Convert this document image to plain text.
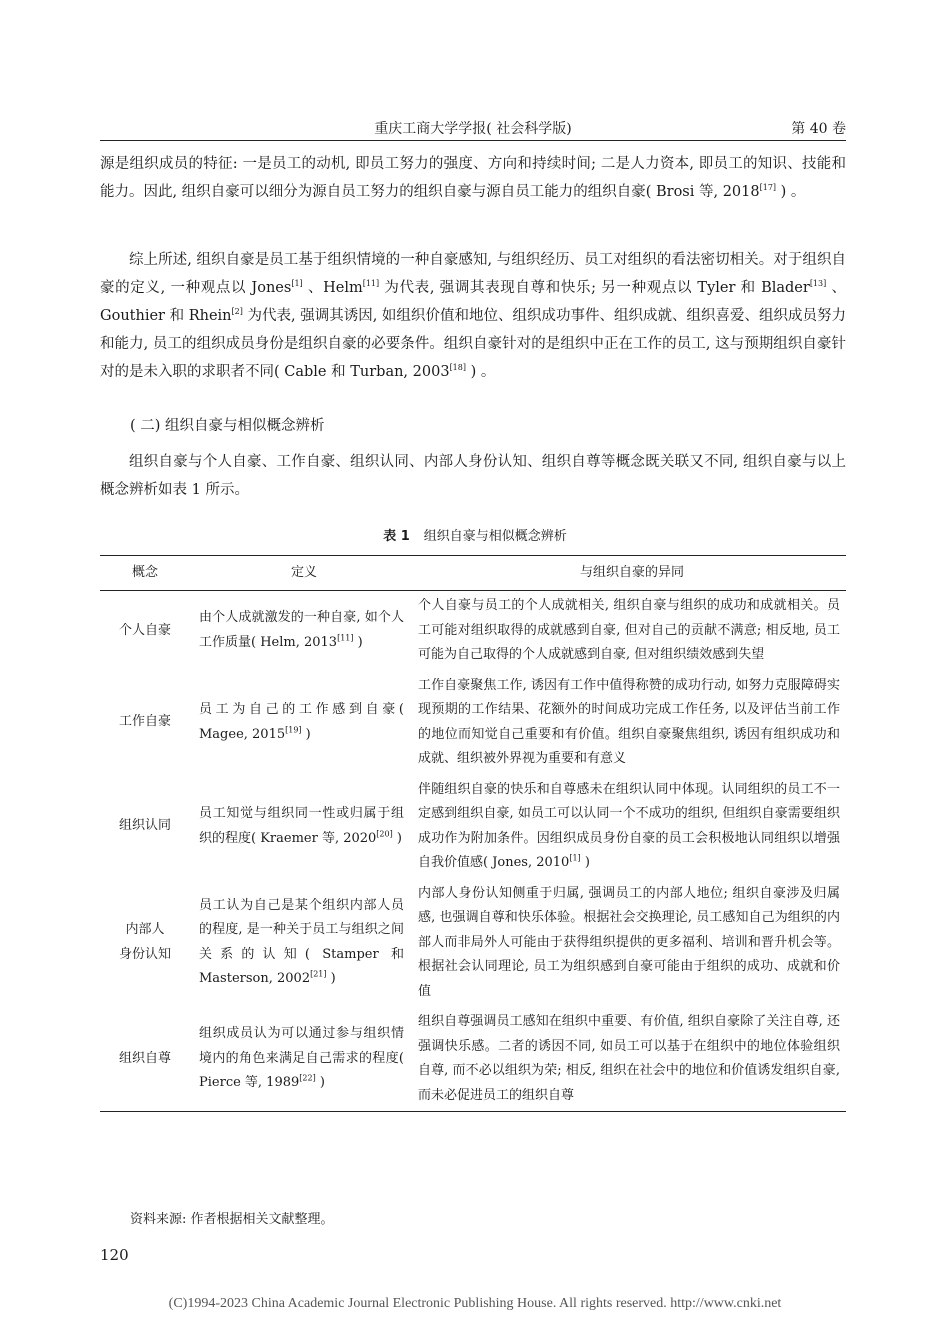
重庆工商大学学报( 社会科学版)	第 40 卷

源是组织成员的特征: 一是员工的动机, 即员工努力的强度、方向和持续时间; 二是人力资本, 即员工的知识、技能和能力。因此, 组织自豪可以细分为源自员工努力的组织自豪与源自员工能力的组织自豪( Brosi 等, 2018[17] ) 。

综上所述, 组织自豪是员工基于组织情境的一种自豪感知, 与组织经历、员工对组织的看法密切相关。对于组织自豪的定义, 一种观点以 Jones[1] 、Helm[11] 为代表, 强调其表现自尊和快乐; 另一种观点以 Tyler 和 Blader[13] 、Gouthier 和 Rhein[2] 为代表, 强调其诱因, 如组织价值和地位、组织成功事件、组织成就、组织喜爱、组织成员努力和能力, 员工的组织成员身份是组织自豪的必要条件。组织自豪针对的是组织中正在工作的员工, 这与预期组织自豪针对的是未入职的求职者不同( Cable 和 Turban, 2003[18] ) 。

( 二) 组织自豪与相似概念辨析

组织自豪与个人自豪、工作自豪、组织认同、内部人身份认知、组织自尊等概念既关联又不同, 组织自豪与以上概念辨析如表 1 所示。

表 1 组织自豪与相似概念辨析
概念	定义	与组织自豪的异同

个人自豪	由个人成就激发的一种自豪, 如个人工作质量( Helm, 2013[11] )	个人自豪与员工的个人成就相关, 组织自豪与组织的成功和成就相关。员工可能对组织取得的成就感到自豪, 但对自己的贡献不满意; 相反地, 员工可能为自己取得的个人成就感到自豪, 但对组织绩效感到失望

工作自豪	员工为自己的工作感到自豪( Magee, 2015[19] )	工作自豪聚焦工作, 诱因有工作中值得称赞的成功行动, 如努力克服障碍实现预期的工作结果、花额外的时间成功完成工作任务, 以及评估当前工作的地位而知觉自己重要和有价值。组织自豪聚焦组织, 诱因有组织成功和成就、组织被外界视为重要和有意义

组织认同	员工知觉与组织同一性或归属于组织的程度( Kraemer 等, 2020[20] )	伴随组织自豪的快乐和自尊感未在组织认同中体现。认同组织的员工不一定感到组织自豪, 如员工可以认同一个不成功的组织, 但组织自豪需要组织成功作为附加条件。因组织成员身份自豪的员工会积极地认同组织以增强自我价值感( Jones, 2010[1] )

内部人
身份认知	员工认为自己是某个组织内部人员的程度, 是一种关于员工与组织之间关系的认知( Stamper 和 Masterson, 2002[21] )	内部人身份认知侧重于归属, 强调员工的内部人地位; 组织自豪涉及归属感, 也强调自尊和快乐体验。根据社会交换理论, 员工感知自己为组织的内部人而非局外人可能由于获得组织提供的更多福利、培训和晋升机会等。根据社会认同理论, 员工为组织感到自豪可能由于组织的成功、成就和价值

组织自尊	组织成员认为可以通过参与组织情境内的角色来满足自己需求的程度( Pierce 等, 1989[22] )	组织自尊强调员工感知在组织中重要、有价值, 组织自豪除了关注自尊, 还强调快乐感。二者的诱因不同, 如员工可以基于在组织中的地位体验组织自尊, 而不必以组织为荣; 相反, 组织在社会中的地位和价值诱发组织自豪, 而未必促进员工的组织自尊
资料来源: 作者根据相关文献整理。
120
(C)1994-2023 China Academic Journal Electronic Publishing House. All rights reserved. http://www.cnki.net
